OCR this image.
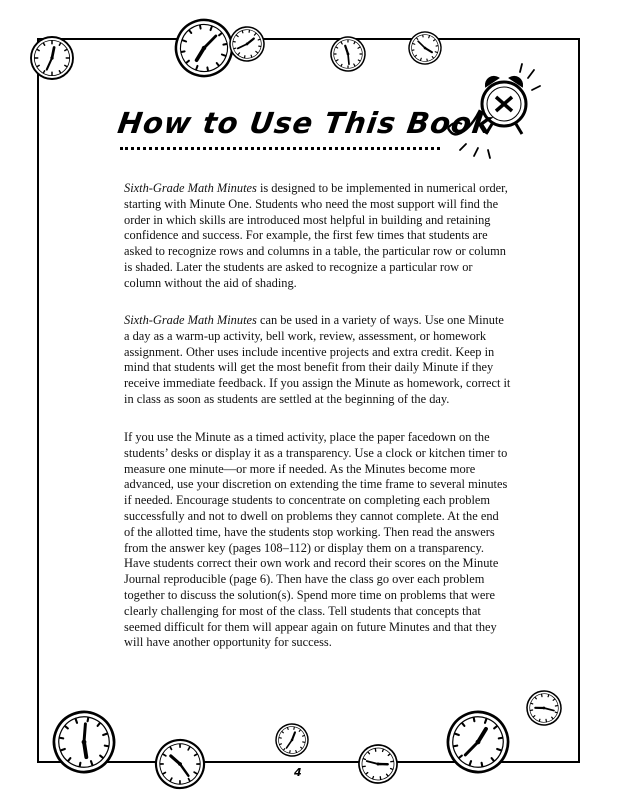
How to Use This Book

Sixth-Grade Math Minutes is designed to be implemented in numerical order, starting with Minute One. Students who need the most support will find the order in which skills are introduced most helpful in building and retaining confidence and success. For example, the first few times that students are asked to recognize rows and columns in a table, the particular row or column is shaded. Later the students are asked to recognize a particular row or column without the aid of shading.

Sixth-Grade Math Minutes can be used in a variety of ways. Use one Minute a day as a warm-up activity, bell work, review, assessment, or homework assignment. Other uses include incentive projects and extra credit. Keep in mind that students will get the most benefit from their daily Minute if they receive immediate feedback. If you assign the Minute as homework, correct it in class as soon as students are settled at the beginning of the day.

If you use the Minute as a timed activity, place the paper facedown on the students’ desks or display it as a transparency. Use a clock or kitchen timer to measure one minute—or more if needed. As the Minutes become more advanced, use your discretion on extending the time frame to several minutes if needed. Encourage students to concentrate on completing each problem successfully and not to dwell on problems they cannot complete. At the end of the allotted time, have the students stop working. Then read the answers from the answer key (pages 108–112) or display them on a transparency. Have students correct their own work and record their scores on the Minute Journal reproducible (page 6). Then have the class go over each problem together to discuss the solution(s). Spend more time on problems that were clearly challenging for most of the class. Tell students that concepts that seemed difficult for them will appear again on future Minutes and that they will have another opportunity for success.

4
